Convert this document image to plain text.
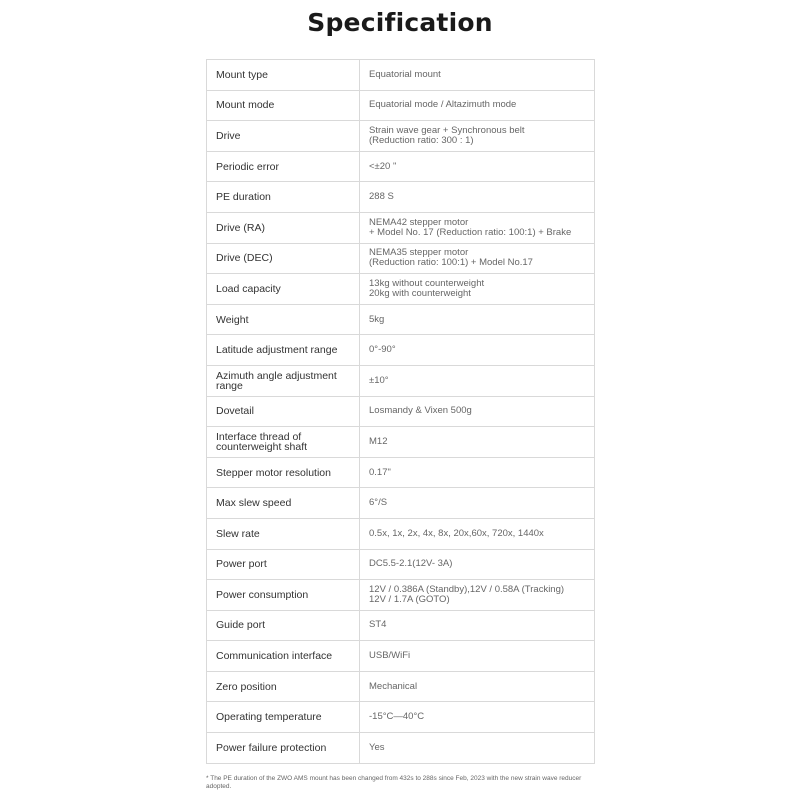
Specification
Mount type	Equatorial mount
Mount mode	Equatorial mode / Altazimuth mode
Drive	Strain wave gear + Synchronous belt
(Reduction ratio: 300 : 1)
Periodic error	<±20 "
PE duration	288 S
Drive (RA)	NEMA42 stepper motor
+ Model No. 17 (Reduction ratio: 100:1) + Brake
Drive (DEC)	NEMA35 stepper motor
(Reduction ratio: 100:1) + Model No.17
Load capacity	13kg without counterweight
20kg with counterweight
Weight	5kg
Latitude adjustment range	0°-90°
Azimuth angle adjustment range	±10°
Dovetail	Losmandy & Vixen 500g
Interface thread of counterweight shaft	M12
Stepper motor resolution	0.17"
Max slew speed	6°/S
Slew rate	0.5x, 1x, 2x, 4x, 8x, 20x,60x, 720x, 1440x
Power port	DC5.5-2.1(12V- 3A)
Power consumption	12V / 0.386A (Standby),12V / 0.58A (Tracking)
12V / 1.7A (GOTO)
Guide port	ST4
Communication interface	USB/WiFi
Zero position	Mechanical
Operating temperature	-15°C—40°C
Power failure protection	Yes
* The PE duration of the ZWO AMS mount has been changed from 432s to 288s since Feb, 2023 with the new strain wave reducer adopted.
